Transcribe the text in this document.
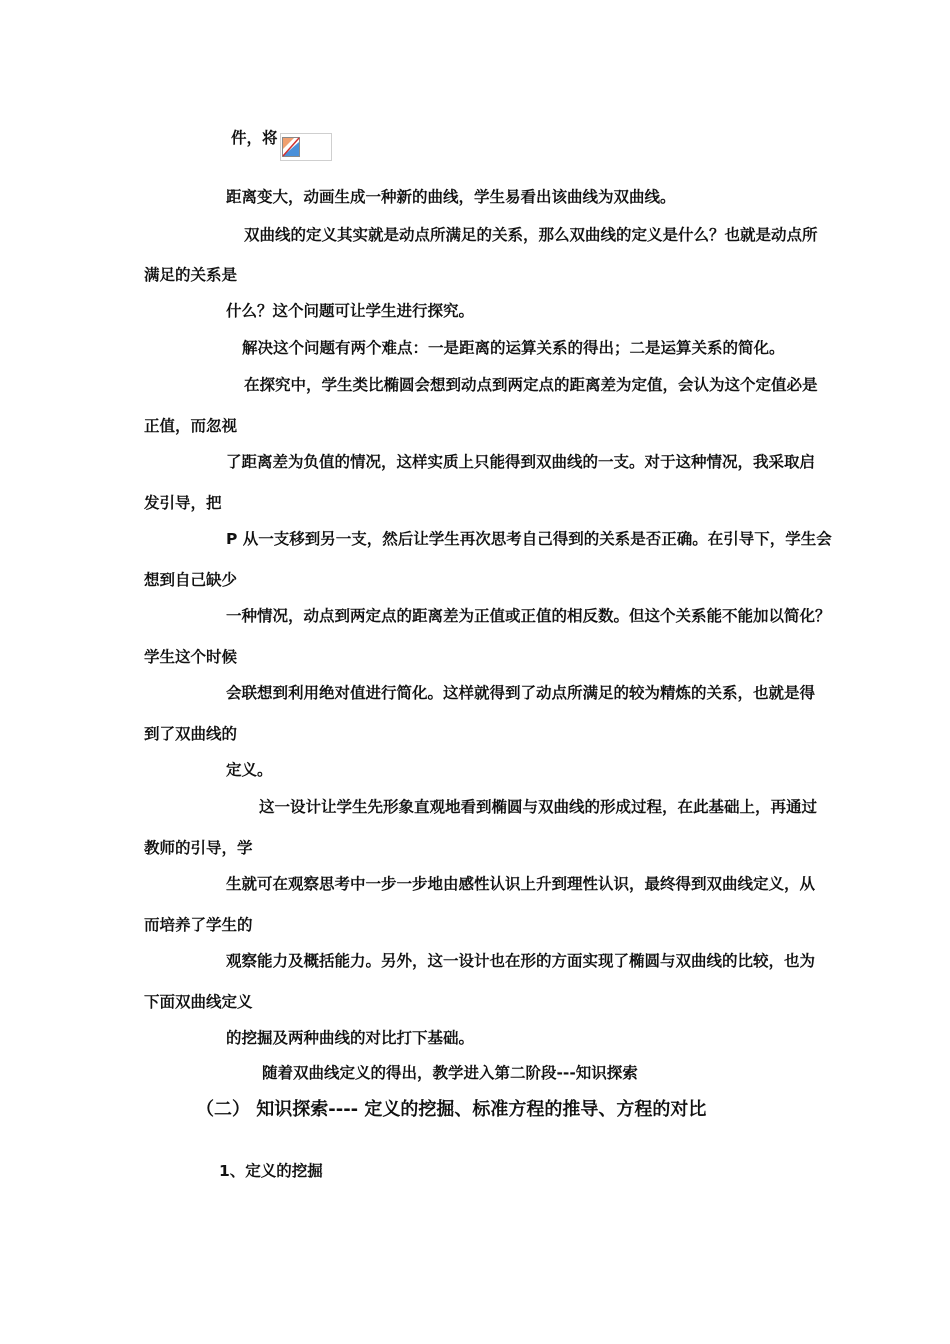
件，将
距离变大，动画生成一种新的曲线，学生易看出该曲线为双曲线。
双曲线的定义其实就是动点所满足的关系，那么双曲线的定义是什么？也就是动点所
满足的关系是
什么？这个问题可让学生进行探究。
解决这个问题有两个难点：一是距离的运算关系的得出；二是运算关系的简化。
在探究中，学生类比椭圆会想到动点到两定点的距离差为定值，会认为这个定值必是
正值，而忽视
了距离差为负值的情况，这样实质上只能得到双曲线的一支。对于这种情况，我采取启
发引导，把
P 从一支移到另一支，然后让学生再次思考自己得到的关系是否正确。在引导下，学生会
想到自己缺少
一种情况，动点到两定点的距离差为正值或正值的相反数。但这个关系能不能加以简化？
学生这个时候
会联想到利用绝对值进行简化。这样就得到了动点所满足的较为精炼的关系，也就是得
到了双曲线的
定义。
这一设计让学生先形象直观地看到椭圆与双曲线的形成过程，在此基础上，再通过
教师的引导，学
生就可在观察思考中一步一步地由感性认识上升到理性认识，最终得到双曲线定义，从
而培养了学生的
观察能力及概括能力。另外，这一设计也在形的方面实现了椭圆与双曲线的比较，也为
下面双曲线定义
的挖掘及两种曲线的对比打下基础。
随着双曲线定义的得出，教学进入第二阶段---知识探索
（二） 知识探索---- 定义的挖掘、标准方程的推导、方程的对比
1、定义的挖掘
